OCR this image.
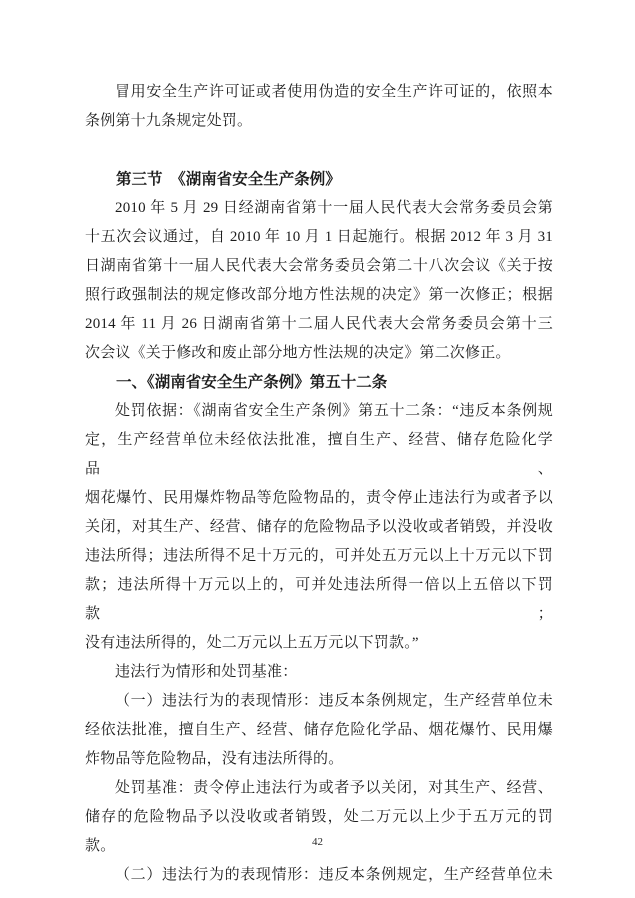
冒用安全生产许可证或者使用伪造的安全生产许可证的，依照本
条例第十九条规定处罚。
第三节　《湖南省安全生产条例》
2010 年 5 月 29 日经湖南省第十一届人民代表大会常务委员会第
十五次会议通过，自 2010 年 10 月 1 日起施行。根据 2012 年 3 月 31
日湖南省第十一届人民代表大会常务委员会第二十八次会议《关于按
照行政强制法的规定修改部分地方性法规的决定》第一次修正；根据
2014 年 11 月 26 日湖南省第十二届人民代表大会常务委员会第十三
次会议《关于修改和废止部分地方性法规的决定》第二次修正。
一、《湖南省安全生产条例》第五十二条
处罚依据：《湖南省安全生产条例》第五十二条：“违反本条例规
定，生产经营单位未经依法批准，擅自生产、经营、储存危险化学品、
烟花爆竹、民用爆炸物品等危险物品的，责令停止违法行为或者予以
关闭，对其生产、经营、储存的危险物品予以没收或者销毁，并没收
违法所得；违法所得不足十万元的，可并处五万元以上十万元以下罚
款；违法所得十万元以上的，可并处违法所得一倍以上五倍以下罚款；
没有违法所得的，处二万元以上五万元以下罚款。”
违法行为情形和处罚基准：
（一）违法行为的表现情形：违反本条例规定，生产经营单位未
经依法批准，擅自生产、经营、储存危险化学品、烟花爆竹、民用爆
炸物品等危险物品，没有违法所得的。
处罚基准：责令停止违法行为或者予以关闭，对其生产、经营、
储存的危险物品予以没收或者销毁，处二万元以上少于五万元的罚款。
（二）违法行为的表现情形：违反本条例规定，生产经营单位未
42
